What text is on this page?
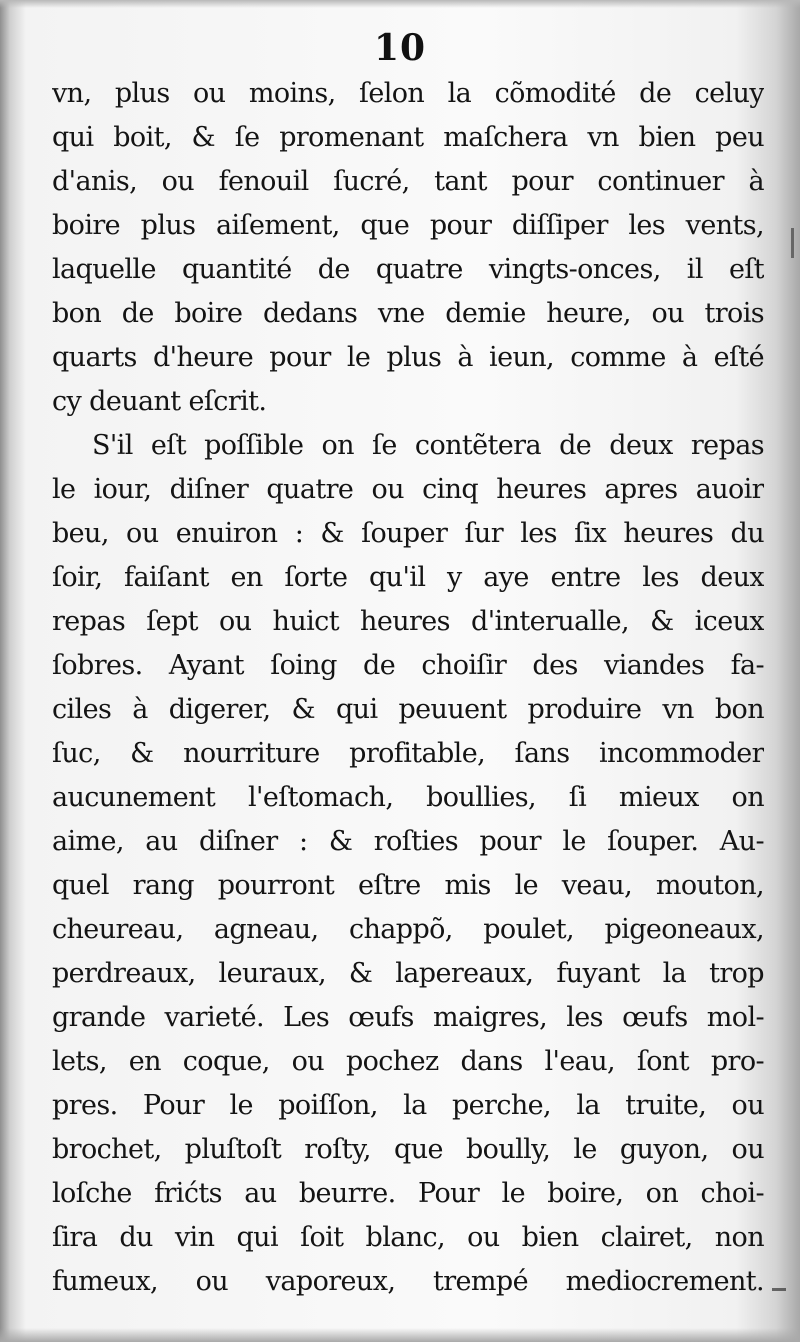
10
vn, plus ou moins, ſelon la cõmodité de celuy
qui boit, & ſe promenant maſchera vn bien peu
d'anis, ou fenouil ſucré, tant pour continuer à
boire plus aiſement, que pour diſſiper les vents,
laquelle quantité de quatre vingts-onces, il eſt
bon de boire dedans vne demie heure, ou trois
quarts d'heure pour le plus à ieun, comme à eſté
cy deuant eſcrit.
S'il eſt poſſible on ſe contẽtera de deux repas
le iour, diſner quatre ou cinq heures apres auoir
beu, ou enuiron : & ſouper ſur les ſix heures du
ſoir, faiſant en ſorte qu'il y aye entre les deux
repas ſept ou huict heures d'interualle, & iceux
ſobres. Ayant ſoing de choiſir des viandes fa-
ciles à digerer, & qui peuuent produire vn bon
ſuc, & nourriture profitable, ſans incommoder
aucunement l'eſtomach, boullies, ſi mieux on
aime, au diſner : & roſties pour le ſouper. Au-
quel rang pourront eſtre mis le veau, mouton,
cheureau, agneau, chappõ, poulet, pigeoneaux,
perdreaux, leuraux, & lapereaux, fuyant la trop
grande varieté. Les œufs maigres, les œufs mol-
lets, en coque, ou pochez dans l'eau, ſont pro-
pres. Pour le poiſſon, la perche, la truite, ou
brochet, pluſtoſt roſty, que boully, le guyon, ou
loſche frićts au beurre. Pour le boire, on choi-
ſira du vin qui ſoit blanc, ou bien clairet, non
fumeux, ou vaporeux, trempé mediocrement.
